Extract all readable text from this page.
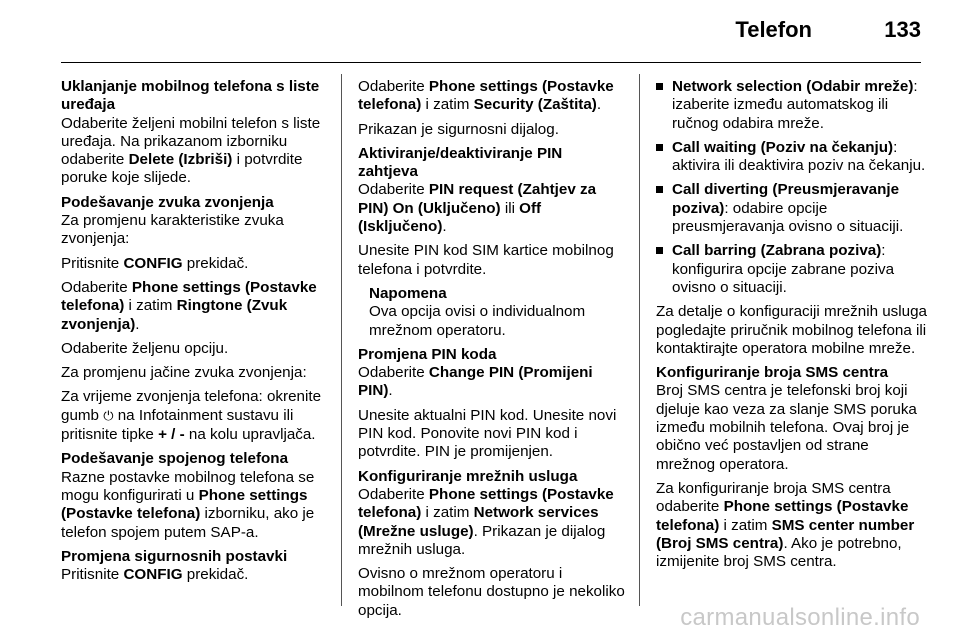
Telefon	133
Uklanjanje mobilnog telefona s liste uređaja
Odaberite željeni mobilni telefon s liste uređaja. Na prikazanom izborniku odaberite Delete (Izbriši) i potvrdite poruke koje slijede.
Podešavanje zvuka zvonjenja
Za promjenu karakteristike zvuka zvonjenja:
Pritisnite CONFIG prekidač.
Odaberite Phone settings (Postavke telefona) i zatim Ringtone (Zvuk zvonjenja).
Odaberite željenu opciju.
Za promjenu jačine zvuka zvonjenja:
Za vrijeme zvonjenja telefona: okrenite gumb ⏻ na Infotainment sustavu ili pritisnite tipke + / - na kolu upravljača.
Podešavanje spojenog telefona
Razne postavke mobilnog telefona se mogu konfigurirati u Phone settings (Postavke telefona) izborniku, ako je telefon spojem putem SAP-a.
Promjena sigurnosnih postavki
Pritisnite CONFIG prekidač.
Odaberite Phone settings (Postavke telefona) i zatim Security (Zaštita).
Prikazan je sigurnosni dijalog.
Aktiviranje/deaktiviranje PIN zahtjeva
Odaberite PIN request (Zahtjev za PIN) On (Uključeno) ili Off (Isključeno).
Unesite PIN kod SIM kartice mobilnog telefona i potvrdite.
Napomena
Ova opcija ovisi o individualnom mrežnom operatoru.
Promjena PIN koda
Odaberite Change PIN (Promijeni PIN).
Unesite aktualni PIN kod. Unesite novi PIN kod. Ponovite novi PIN kod i potvrdite. PIN je promijenjen.
Konfiguriranje mrežnih usluga
Odaberite Phone settings (Postavke telefona) i zatim Network services (Mrežne usluge). Prikazan je dijalog mrežnih usluga.
Ovisno o mrežnom operatoru i mobilnom telefonu dostupno je nekoliko opcija.
Network selection (Odabir mreže): izaberite između automatskog ili ručnog odabira mreže.
Call waiting (Poziv na čekanju): aktivira ili deaktivira poziv na čekanju.
Call diverting (Preusmjeravanje poziva): odabire opcije preusmjeravanja ovisno o situaciji.
Call barring (Zabrana poziva): konfigurira opcije zabrane poziva ovisno o situaciji.
Za detalje o konfiguraciji mrežnih usluga pogledajte priručnik mobilnog telefona ili kontaktirajte operatora mobilne mreže.
Konfiguriranje broja SMS centra
Broj SMS centra je telefonski broj koji djeluje kao veza za slanje SMS poruka između mobilnih telefona. Ovaj broj je obično već postavljen od strane mrežnog operatora.
Za konfiguriranje broja SMS centra odaberite Phone settings (Postavke telefona) i zatim SMS center number (Broj SMS centra). Ako je potrebno, izmijenite broj SMS centra.
carmanualsonline.info
